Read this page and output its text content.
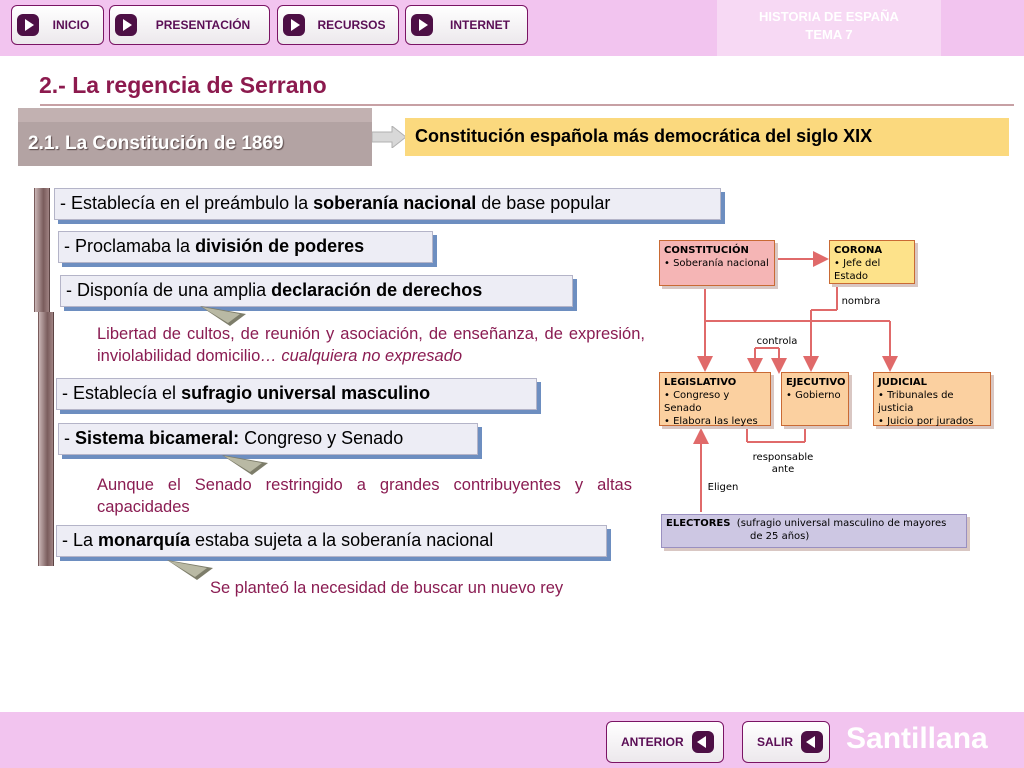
INICIO	PRESENTACIÓN	RECURSOS	INTERNET
HISTORIA DE ESPAÑA
TEMA 7
2.- La regencia de Serrano
2.1. La Constitución de 1869	Constitución española más democrática del siglo XIX
- Establecía en el preámbulo la soberanía nacional de base popular
- Proclamaba la división de poderes
- Disponía de una amplia declaración de derechos
Libertad de cultos, de reunión y asociación, de enseñanza, de expresión, inviolabilidad domicilio… cualquiera no expresado
- Establecía el sufragio universal masculino
- Sistema bicameral: Congreso y Senado
Aunque el Senado restringido a grandes contribuyentes y altas capacidades
- La monarquía estaba sujeta a la soberanía nacional
Se planteó la necesidad de buscar un nuevo rey
CONSTITUCIÓN
• Soberanía nacional
CORONA
• Jefe del Estado
nombra
controla
LEGISLATIVO
• Congreso y Senado
• Elabora las leyes
EJECUTIVO
• Gobierno
JUDICIAL
• Tribunales de justicia
• Juicio por jurados
responsable
ante
Eligen
ELECTORES (sufragio universal masculino de mayores
de 25 años)
ANTERIOR	SALIR Santillana
